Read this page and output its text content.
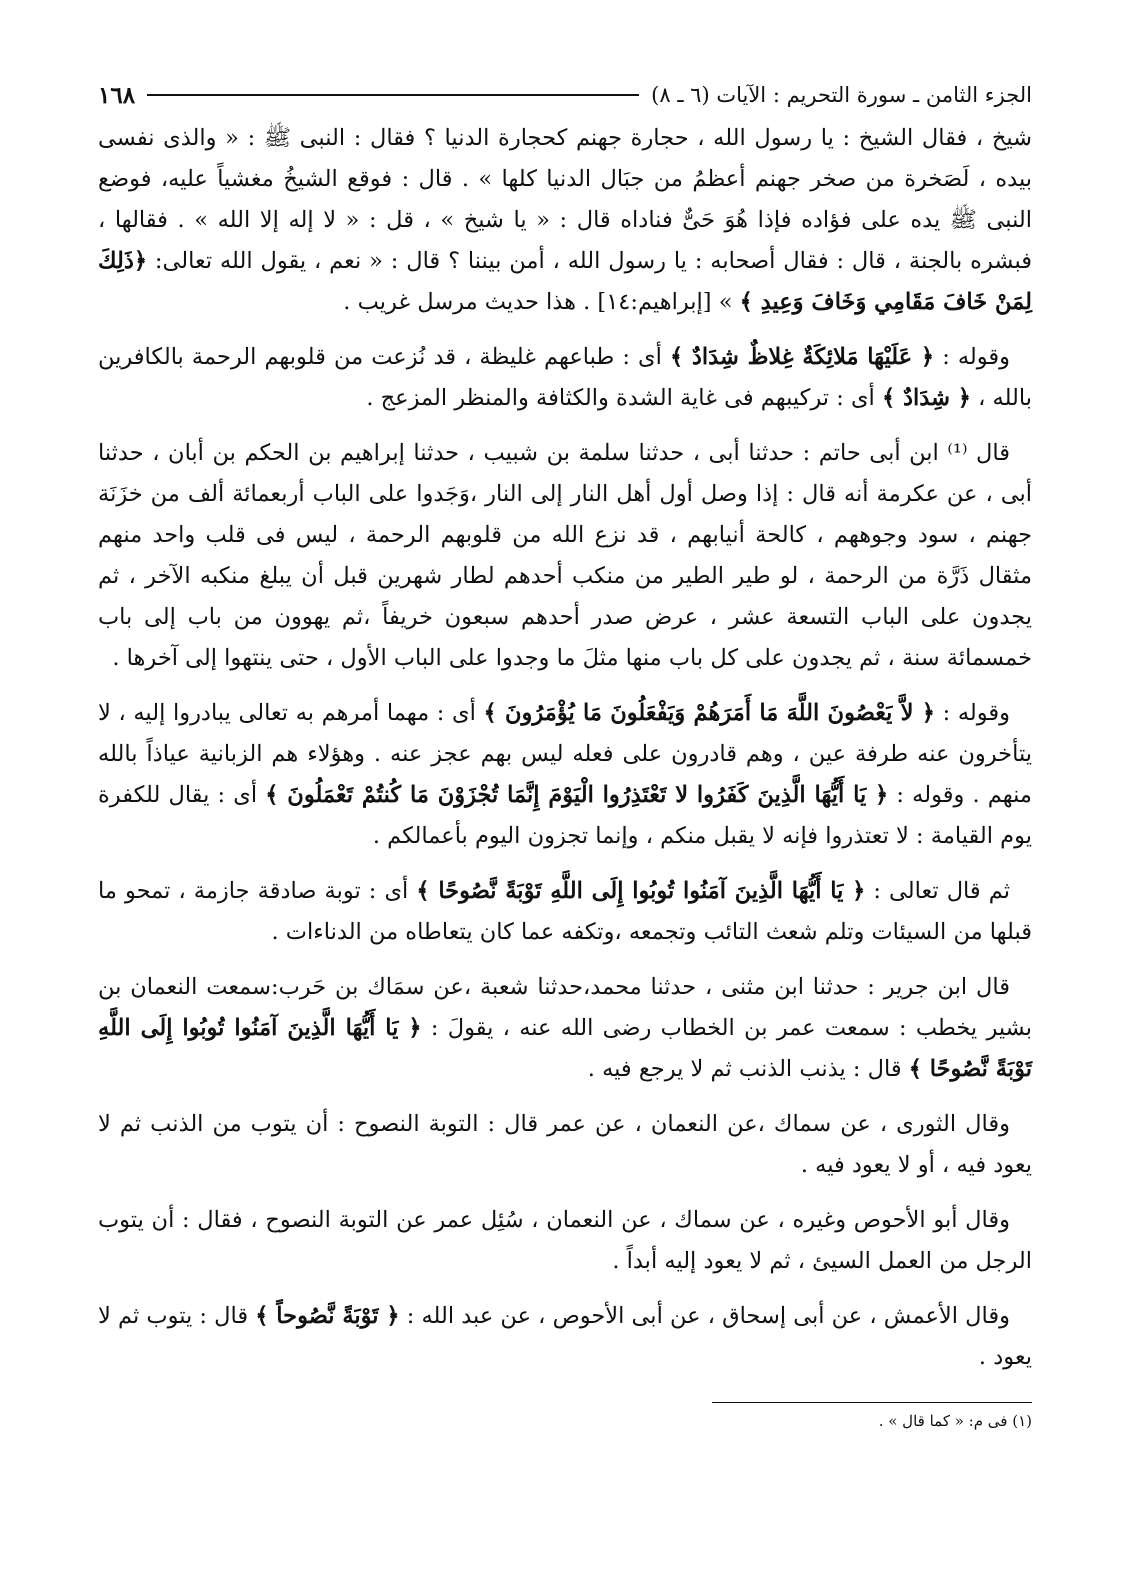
١٦٨	الجزء الثامن ـ سورة التحريم : الآيات (٦ ـ ٨)

شيخ ، فقال الشيخ : يا رسول الله ، حجارة جهنم كحجارة الدنيا ؟ فقال : النبى ﷺ : « والذى نفسى بيده ، لَصَخرة من صخر جهنم أعظمُ من جبَال الدنيا كلها » . قال : فوقع الشيخُ مغشياً عليه، فوضع النبى ﷺ يده على فؤاده فإذا هُوَ حَىٌّ فناداه قال : « يا شيخ » ، قل : « لا إله إلا الله » . فقالها ، فبشره بالجنة ، قال : فقال أصحابه : يا رسول الله ، أمن بيننا ؟ قال : « نعم ، يقول الله تعالى: ﴿ذَلِكَ لِمَنْ خَافَ مَقَامِي وَخَافَ وَعِيدِ ﴾ » [إبراهيم:١٤] . هذا حديث مرسل غريب .

وقوله : ﴿ عَلَيْهَا مَلائِكَةٌ غِلاظٌ شِدَادٌ ﴾ أى : طباعهم غليظة ، قد نُزعت من قلوبهم الرحمة بالكافرين بالله ، ﴿ شِدَادٌ ﴾ أى : تركيبهم فى غاية الشدة والكثافة والمنظر المزعج .

قال ⁽¹⁾ ابن أبى حاتم : حدثنا أبى ، حدثنا سلمة بن شبيب ، حدثنا إبراهيم بن الحكم بن أبان ، حدثنا أبى ، عن عكرمة أنه قال : إذا وصل أول أهل النار إلى النار ،وَجَدوا على الباب أربعمائة ألف من خزَنَة جهنم ، سود وجوههم ، كالحة أنيابهم ، قد نزع الله من قلوبهم الرحمة ، ليس فى قلب واحد منهم مثقال ذَرَّة من الرحمة ، لو طير الطير من منكب أحدهم لطار شهرين قبل أن يبلغ منكبه الآخر ، ثم يجدون على الباب التسعة عشر ، عرض صدر أحدهم سبعون خريفاً ،ثم يهوون من باب إلى باب خمسمائة سنة ، ثم يجدون على كل باب منها مثلَ ما وجدوا على الباب الأول ، حتى ينتهوا إلى آخرها .

وقوله : ﴿ لاَّ يَعْصُونَ اللَّهَ مَا أَمَرَهُمْ وَيَفْعَلُونَ مَا يُؤْمَرُونَ ﴾ أى : مهما أمرهم به تعالى يبادروا إليه ، لا يتأخرون عنه طرفة عين ، وهم قادرون على فعله ليس بهم عجز عنه . وهؤلاء هم الزبانية عياذاً بالله منهم . وقوله : ﴿ يَا أَيُّهَا الَّذِينَ كَفَرُوا لا تَعْتَذِرُوا الْيَوْمَ إِنَّمَا تُجْزَوْنَ مَا كُنتُمْ تَعْمَلُونَ ﴾ أى : يقال للكفرة يوم القيامة : لا تعتذروا فإنه لا يقبل منكم ، وإنما تجزون اليوم بأعمالكم .

ثم قال تعالى : ﴿ يَا أَيُّهَا الَّذِينَ آمَنُوا تُوبُوا إِلَى اللَّهِ تَوْبَةً نَّصُوحًا ﴾ أى : توبة صادقة جازمة ، تمحو ما قبلها من السيئات وتلم شعث التائب وتجمعه ،وتكفه عما كان يتعاطاه من الدناءات .

قال ابن جرير : حدثنا ابن مثنى ، حدثنا محمد،حدثنا شعبة ،عن سمَاك بن حَرب:سمعت النعمان بن بشير يخطب : سمعت عمر بن الخطاب رضى الله عنه ، يقولَ : ﴿ يَا أَيُّهَا الَّذِينَ آمَنُوا تُوبُوا إِلَى اللَّهِ تَوْبَةً نَّصُوحًا ﴾ قال : يذنب الذنب ثم لا يرجع فيه .

وقال الثورى ، عن سماك ،عن النعمان ، عن عمر قال : التوبة النصوح : أن يتوب من الذنب ثم لا يعود فيه ، أو لا يعود فيه .

وقال أبو الأحوص وغيره ، عن سماك ، عن النعمان ، سُئِل عمر عن التوبة النصوح ، فقال : أن يتوب الرجل من العمل السيئ ، ثم لا يعود إليه أبداً .

وقال الأعمش ، عن أبى إسحاق ، عن أبى الأحوص ، عن عبد الله : ﴿ تَوْبَةً نَّصُوحاً ﴾ قال : يتوب ثم لا يعود .

(١) فى م: « كما قال » .
